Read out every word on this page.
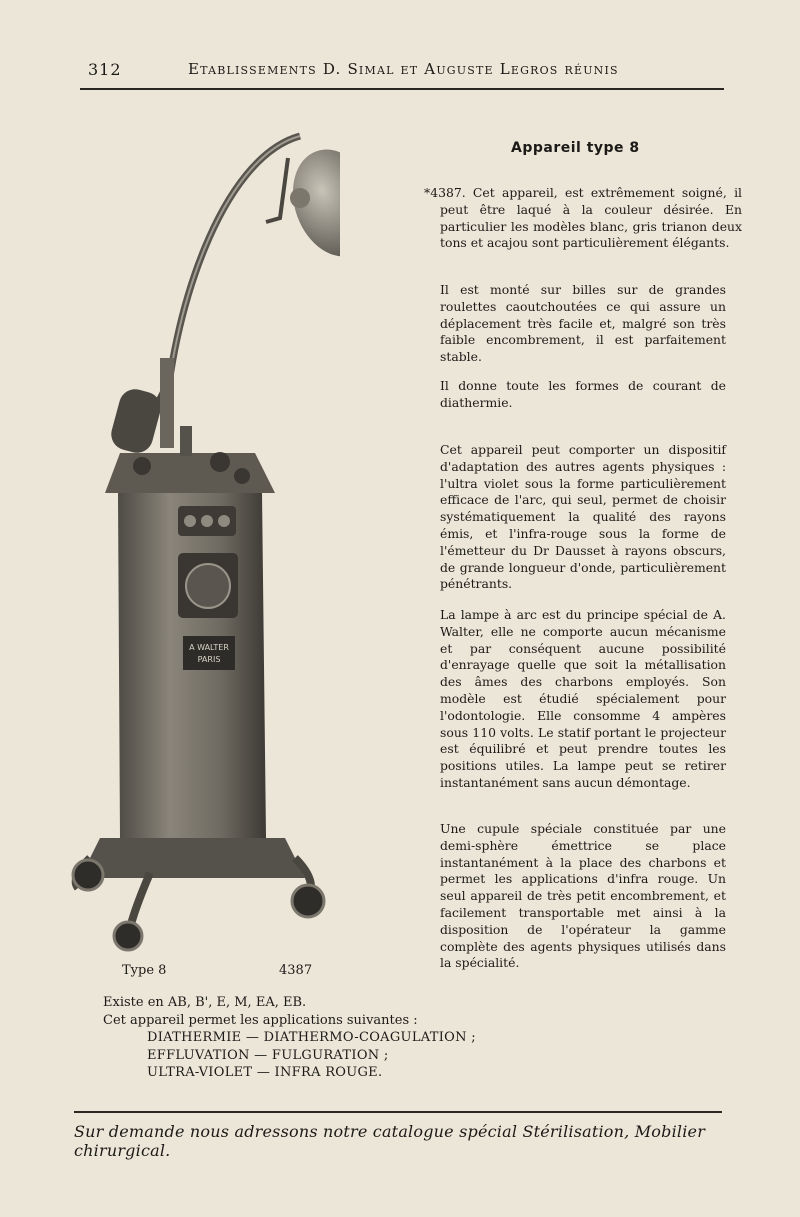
312	Etablissements D. Simal et Auguste Legros réunis
A WALTER
PARIS
Type 8	4387
Appareil type 8

*4387. Cet appareil, est extrêmement soigné, il peut être laqué à la couleur désirée. En particulier les modèles blanc, gris trianon deux tons et acajou sont particulièrement élégants.

Il est monté sur billes sur de grandes roulettes caoutchoutées ce qui assure un déplacement très facile et, malgré son très faible encombrement, il est parfaitement stable.

Il donne toute les formes de courant de diathermie.

Cet appareil peut comporter un dispositif d'adaptation des autres agents physiques : l'ultra violet sous la forme particulièrement efficace de l'arc, qui seul, permet de choisir systématiquement la qualité des rayons émis, et l'infra-rouge sous la forme de l'émetteur du Dr Dausset à rayons obscurs, de grande longueur d'onde, particulièrement pénétrants.

La lampe à arc est du principe spécial de A. Walter, elle ne comporte aucun mécanisme et par conséquent aucune possibilité d'enrayage quelle que soit la métallisation des âmes des charbons employés. Son modèle est étudié spécialement pour l'odontologie. Elle consomme 4 ampères sous 110 volts. Le statif portant le projecteur est équilibré et peut prendre toutes les positions utiles. La lampe peut se retirer instantanément sans aucun démontage.

Une cupule spéciale constituée par une demi-sphère émettrice se place instantanément à la place des charbons et permet les applications d'infra rouge. Un seul appareil de très petit encombrement, et facilement transportable met ainsi à la disposition de l'opérateur la gamme complète des agents physiques utilisés dans la spécialité.

Existe en AB, B', E, M, EA, EB.
Cet appareil permet les applications suivantes :
DIATHERMIE — DIATHERMO-COAGULATION ;
EFFLUVATION — FULGURATION ;
ULTRA-VIOLET — INFRA ROUGE.
Sur demande nous adressons notre catalogue spécial Stérilisation, Mobilier chirurgical.
